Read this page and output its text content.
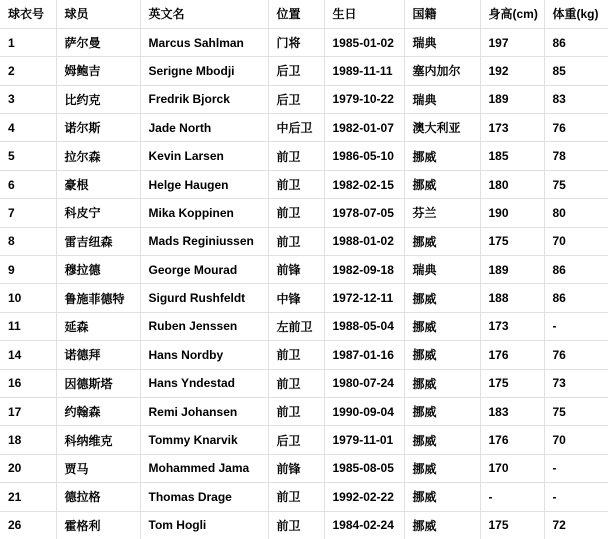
球衣号	球员	英文名	位置	生日	国籍	身高(cm)	体重(kg)
1	萨尔曼	Marcus Sahlman	门将	1985-01-02	瑞典	197	86
2	姆鲍吉	Serigne Mbodji	后卫	1989-11-11	塞内加尔	192	85
3	比约克	Fredrik Bjorck	后卫	1979-10-22	瑞典	189	83
4	诺尔斯	Jade North	中后卫	1982-01-07	澳大利亚	173	76
5	拉尔森	Kevin Larsen	前卫	1986-05-10	挪威	185	78
6	豪根	Helge Haugen	前卫	1982-02-15	挪威	180	75
7	科皮宁	Mika Koppinen	前卫	1978-07-05	芬兰	190	80
8	雷吉纽森	Mads Reginiussen	前卫	1988-01-02	挪威	175	70
9	穆拉德	George Mourad	前锋	1982-09-18	瑞典	189	86
10	鲁施菲德特	Sigurd Rushfeldt	中锋	1972-12-11	挪威	188	86
11	延森	Ruben Jenssen	左前卫	1988-05-04	挪威	173	-
14	诺德拜	Hans Nordby	前卫	1987-01-16	挪威	176	76
16	因德斯塔	Hans Yndestad	前卫	1980-07-24	挪威	175	73
17	约翰森	Remi Johansen	前卫	1990-09-04	挪威	183	75
18	科纳维克	Tommy Knarvik	后卫	1979-11-01	挪威	176	70
20	贾马	Mohammed Jama	前锋	1985-08-05	挪威	170	-
21	德拉格	Thomas Drage	前卫	1992-02-22	挪威	-	-
26	霍格利	Tom Hogli	前卫	1984-02-24	挪威	175	72
